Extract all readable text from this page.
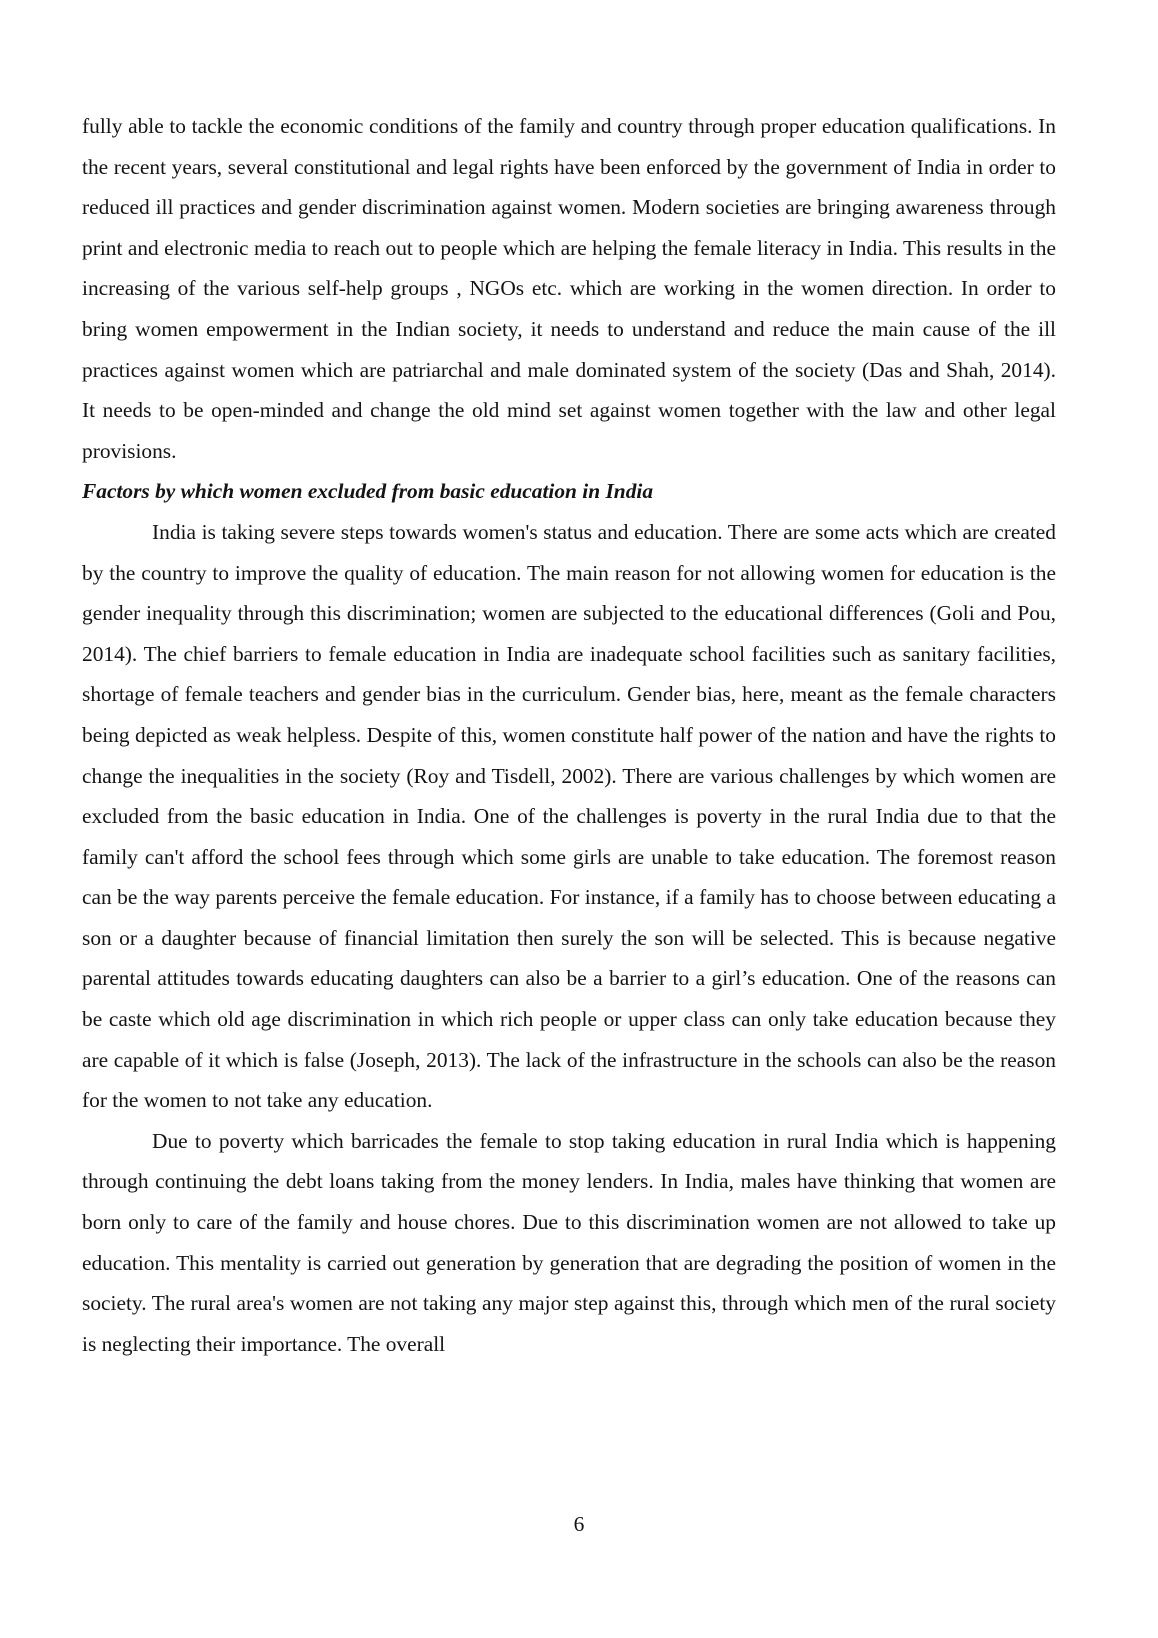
fully able to tackle the economic conditions of the family and country through proper education qualifications. In the recent years, several constitutional and legal rights have been enforced by the government of India in order to reduced ill practices and gender discrimination against women. Modern societies are bringing awareness through print and electronic media to reach out to people which are helping the female literacy in India. This results in the increasing of the various self-help groups , NGOs etc. which are working in the women direction. In order to bring women empowerment in the Indian society, it needs to understand and reduce the main cause of the ill practices against women which are patriarchal and male dominated system of the society (Das and Shah, 2014). It needs to be open-minded and change the old mind set against women together with the law and other legal provisions.

Factors by which women excluded from basic education in India

India is taking severe steps towards women's status and education. There are some acts which are created by the country to improve the quality of education. The main reason for not allowing women for education is the gender inequality through this discrimination; women are subjected to the educational differences (Goli and Pou, 2014). The chief barriers to female education in India are inadequate school facilities such as sanitary facilities, shortage of female teachers and gender bias in the curriculum. Gender bias, here, meant as the female characters being depicted as weak helpless. Despite of this, women constitute half power of the nation and have the rights to change the inequalities in the society (Roy and Tisdell, 2002). There are various challenges by which women are excluded from the basic education in India. One of the challenges is poverty in the rural India due to that the family can't afford the school fees through which some girls are unable to take education. The foremost reason can be the way parents perceive the female education. For instance, if a family has to choose between educating a son or a daughter because of financial limitation then surely the son will be selected. This is because negative parental attitudes towards educating daughters can also be a barrier to a girl’s education. One of the reasons can be caste which old age discrimination in which rich people or upper class can only take education because they are capable of it which is false (Joseph, 2013). The lack of the infrastructure in the schools can also be the reason for the women to not take any education.

Due to poverty which barricades the female to stop taking education in rural India which is happening through continuing the debt loans taking from the money lenders. In India, males have thinking that women are born only to care of the family and house chores. Due to this discrimination women are not allowed to take up education. This mentality is carried out generation by generation that are degrading the position of women in the society. The rural area's women are not taking any major step against this, through which men of the rural society is neglecting their importance. The overall

6
